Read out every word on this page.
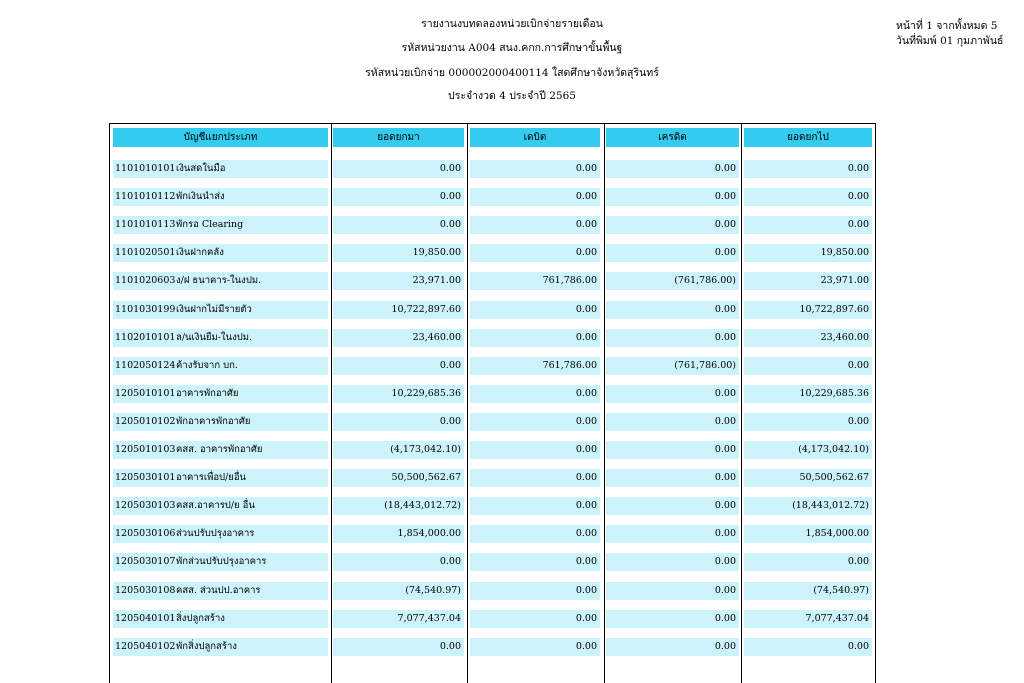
รายงานงบทดลองหน่วยเบิกจ่ายรายเดือน
รหัสหน่วยงาน A004 สนง.คกก.การศึกษาขั้นพื้นฐ
รหัสหน่วยเบิกจ่าย 0000020004001​14 ใสดศึกษาจังหวัดสุรินทร์
ประจำงวด 4 ประจำปี 2565
หน้าที่ 1 จากทั้งหมด 5
วันที่พิมพ์ 01 กุมภาพันธ์
บัญชีแยกประเภท	ยอดยกมา	เดบิต	เครดิต	ยอดยกไป
1101010101เงินสดในมือ	0.00	0.00	0.00	0.00
1101010112พักเงินนำส่ง	0.00	0.00	0.00	0.00
1101010113พักรอ Clearing	0.00	0.00	0.00	0.00
1101020501เงินฝากคลัง	19,850.00	0.00	0.00	19,850.00
1101020603ง/ฝ ธนาคาร-ในงปม.	23,971.00	761,786.00	(761,786.00)	23,971.00
1101030199เงินฝากไม่มีรายตัว	10,722,897.60	0.00	0.00	10,722,897.60
1102010101ล/นเงินยืม-ในงปม.	23,460.00	0.00	0.00	23,460.00
1102050124ค้างรับจาก บก.	0.00	761,786.00	(761,786.00)	0.00
1205010101อาคารพักอาศัย	10,229,685.36	0.00	0.00	10,229,685.36
1205010102พักอาคารพักอาศัย	0.00	0.00	0.00	0.00
1205010103คสส. อาคารพักอาศัย	(4,173,042.10)	0.00	0.00	(4,173,042.10)
1205030101อาคารเพื่อป/ยอื่น	50,500,562.67	0.00	0.00	50,500,562.67
1205030103คสส.อาคารป/ย อื่น	(18,443,012.72)	0.00	0.00	(18,443,012.72)
1205030106ส่วนปรับปรุงอาคาร	1,854,000.00	0.00	0.00	1,854,000.00
1205030107พักส่วนปรับปรุงอาคาร	0.00	0.00	0.00	0.00
1205030108คสส. ส่วนปป.อาคาร	(74,540.97)	0.00	0.00	(74,540.97)
1205040101สิ่งปลูกสร้าง	7,077,437.04	0.00	0.00	7,077,437.04
1205040102พักสิ่งปลูกสร้าง	0.00	0.00	0.00	0.00
